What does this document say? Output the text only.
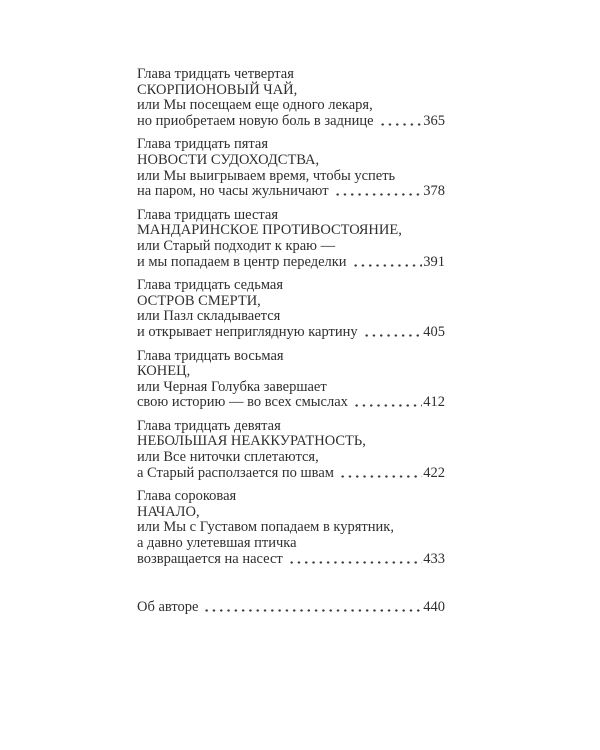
Глава тридцать четвертая
СКОРПИОНОВЫЙ ЧАЙ,
или Мы посещаем еще одного лекаря,
но приобретаем новую боль в заднице	365
Глава тридцать пятая
НОВОСТИ СУДОХОДСТВА,
или Мы выигрываем время, чтобы успеть
на паром, но часы жульничают	378
Глава тридцать шестая
МАНДАРИНСКОЕ ПРОТИВОСТОЯНИЕ,
или Старый подходит к краю —
и мы попадаем в центр переделки	391
Глава тридцать седьмая
ОСТРОВ СМЕРТИ,
или Пазл складывается
и открывает неприглядную картину	405
Глава тридцать восьмая
КОНЕЦ,
или Черная Голубка завершает
свою историю — во всех смыслах	412
Глава тридцать девятая
НЕБОЛЬШАЯ НЕАККУРАТНОСТЬ,
или Все ниточки сплетаются,
а Старый расползается по швам	422
Глава сороковая
НАЧАЛО,
или Мы с Густавом попадаем в курятник,
а давно улетевшая птичка
возвращается на насест	433
Об авторе	440
